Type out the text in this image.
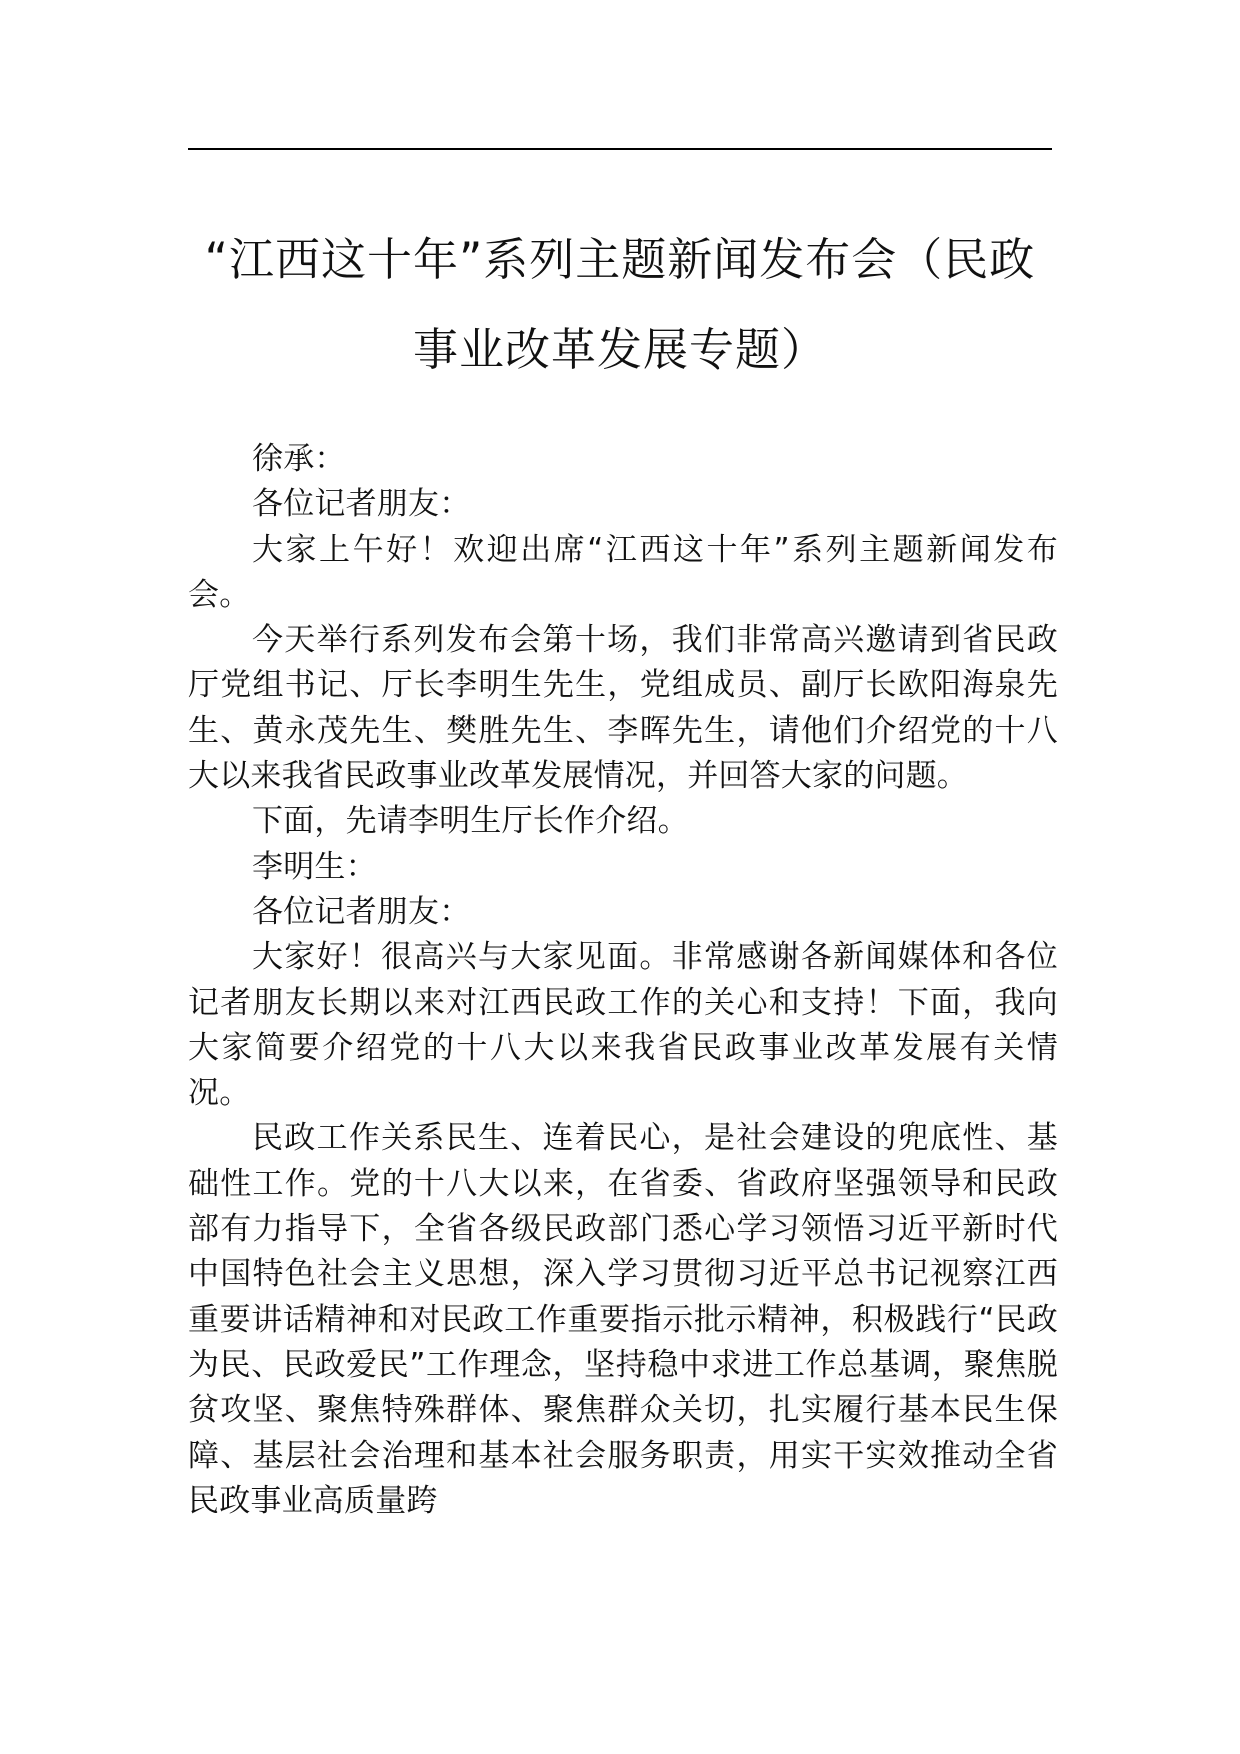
“江西这十年”系列主题新闻发布会（民政
事业改革发展专题）

徐承：

各位记者朋友：

大家上午好！欢迎出席“江西这十年”系列主题新闻发布会。

今天举行系列发布会第十场，我们非常高兴邀请到省民政厅党组书记、厅长李明生先生，党组成员、副厅长欧阳海泉先生、黄永茂先生、樊胜先生、李晖先生，请他们介绍党的十八大以来我省民政事业改革发展情况，并回答大家的问题。

下面，先请李明生厅长作介绍。

李明生：

各位记者朋友：

大家好！很高兴与大家见面。非常感谢各新闻媒体和各位记者朋友长期以来对江西民政工作的关心和支持！下面，我向大家简要介绍党的十八大以来我省民政事业改革发展有关情况。

民政工作关系民生、连着民心，是社会建设的兜底性、基础性工作。党的十八大以来，在省委、省政府坚强领导和民政部有力指导下，全省各级民政部门悉心学习领悟习近平新时代中国特色社会主义思想，深入学习贯彻习近平总书记视察江西重要讲话精神和对民政工作重要指示批示精神，积极践行“民政为民、民政爱民”工作理念，坚持稳中求进工作总基调，聚焦脱贫攻坚、聚焦特殊群体、聚焦群众关切，扎实履行基本民生保障、基层社会治理和基本社会服务职责，用实干实效推动全省民政事业高质量跨
